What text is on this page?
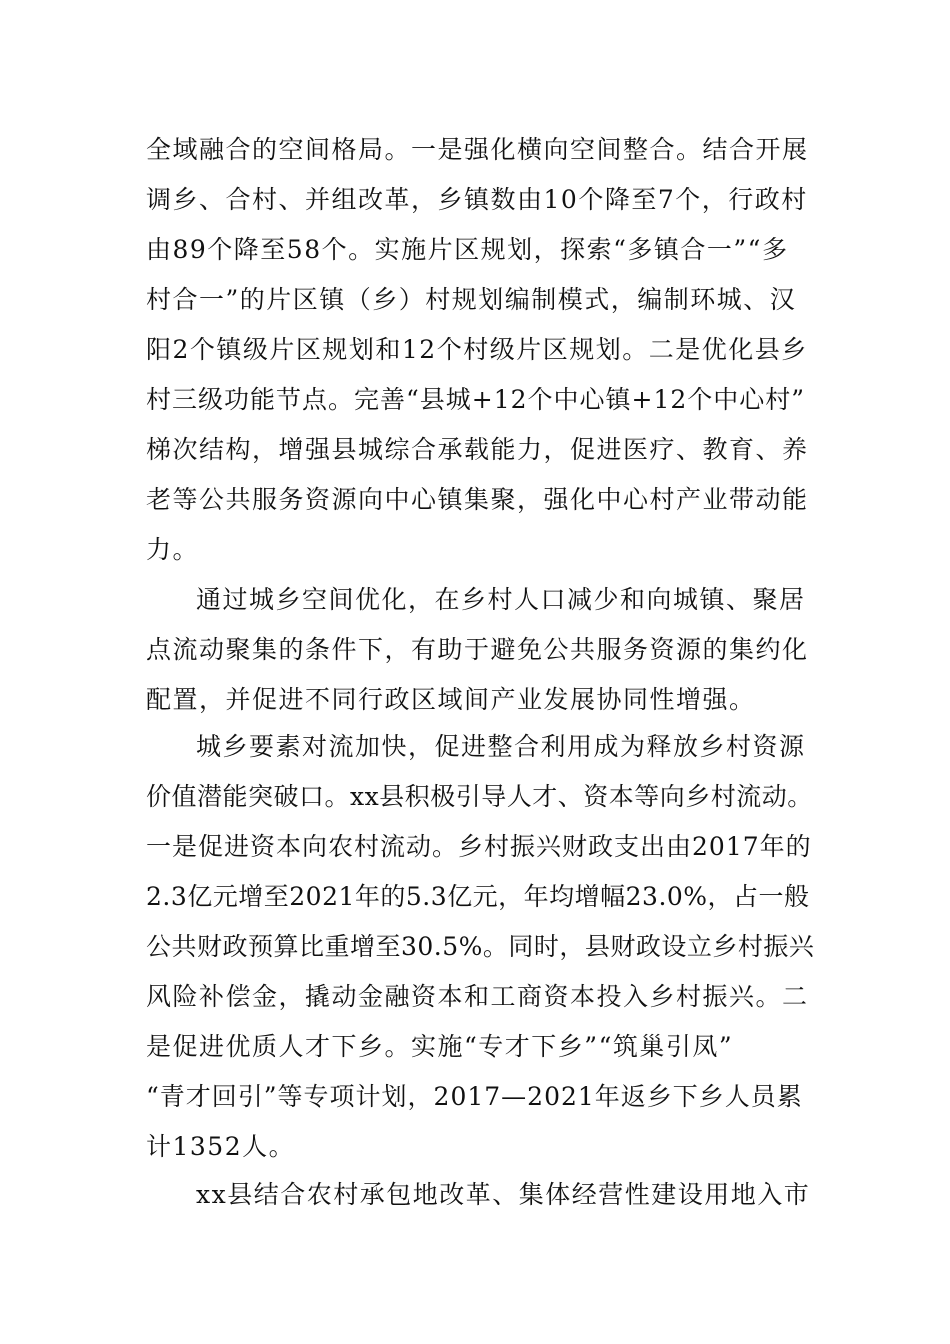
全域融合的空间格局。一是强化横向空间整合。结合开展
调乡、合村、并组改革，乡镇数由10个降至7个，行政村
由89个降至58个。实施片区规划，探索“多镇合一”“多
村合一”的片区镇（乡）村规划编制模式，编制环城、汉
阳2个镇级片区规划和12个村级片区规划。二是优化县乡
村三级功能节点。完善“县城+12个中心镇+12个中心村”
梯次结构，增强县城综合承载能力，促进医疗、教育、养
老等公共服务资源向中心镇集聚，强化中心村产业带动能
力。
通过城乡空间优化，在乡村人口减少和向城镇、聚居
点流动聚集的条件下，有助于避免公共服务资源的集约化
配置，并促进不同行政区域间产业发展协同性增强。
城乡要素对流加快，促进整合利用成为释放乡村资源
价值潜能突破口。xx县积极引导人才、资本等向乡村流动。
一是促进资本向农村流动。乡村振兴财政支出由2017年的
2.3亿元增至2021年的5.3亿元，年均增幅23.0%，占一般
公共财政预算比重增至30.5%。同时，县财政设立乡村振兴
风险补偿金，撬动金融资本和工商资本投入乡村振兴。二
是促进优质人才下乡。实施“专才下乡”“筑巢引凤”
“青才回引”等专项计划，2017—2021年返乡下乡人员累
计1352人。
xx县结合农村承包地改革、集体经营性建设用地入市
